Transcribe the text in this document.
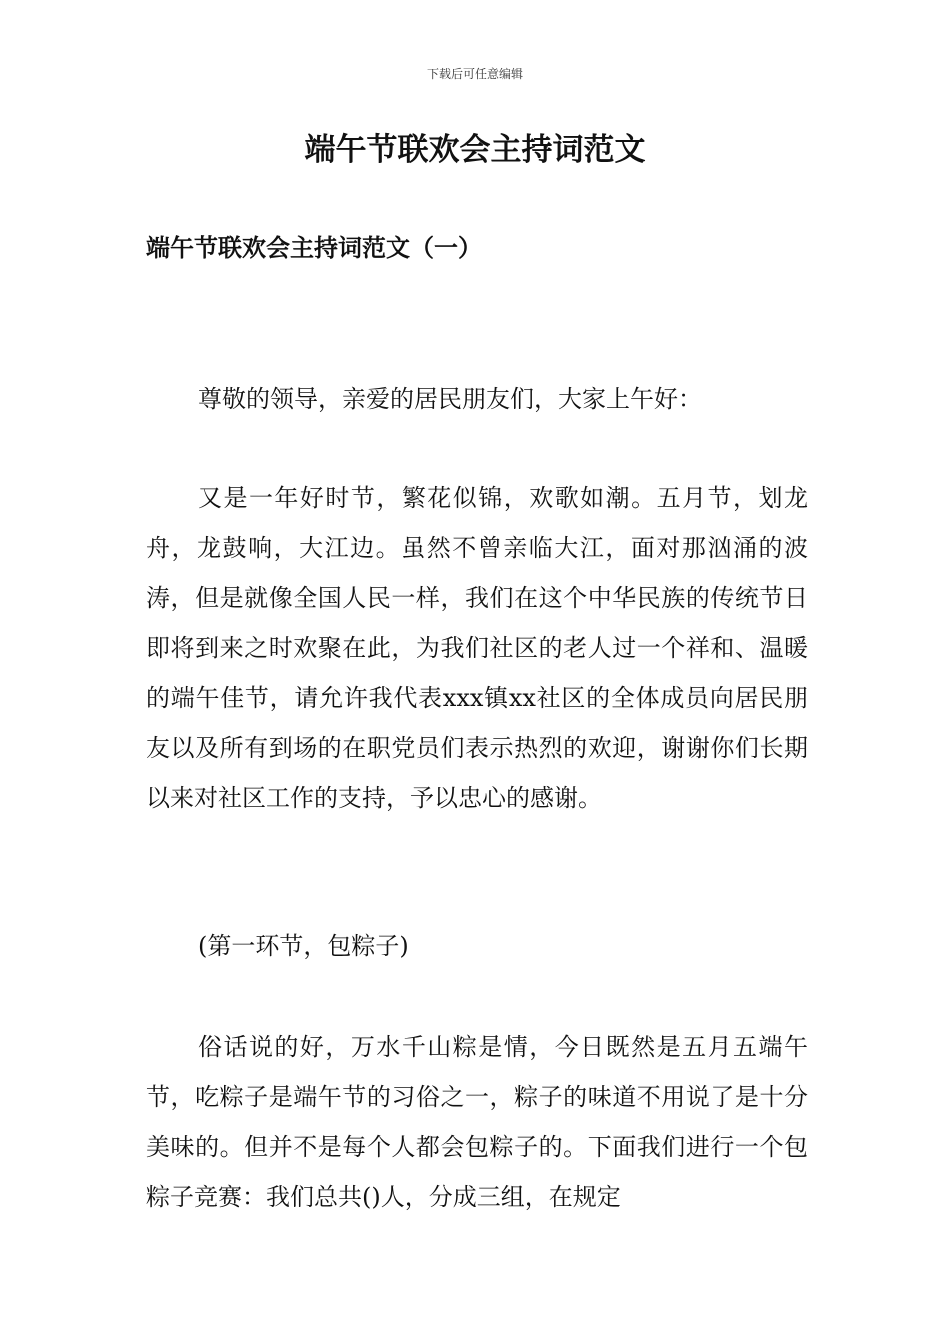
下载后可任意编辑
端午节联欢会主持词范文
端午节联欢会主持词范文（一）

尊敬的领导，亲爱的居民朋友们，大家上午好：

又是一年好时节，繁花似锦，欢歌如潮。五月节，划龙舟，龙鼓响，大江边。虽然不曾亲临大江，面对那汹涌的波涛，但是就像全国人民一样，我们在这个中华民族的传统节日即将到来之时欢聚在此，为我们社区的老人过一个祥和、温暖的端午佳节，请允许我代表xxx镇xx社区的全体成员向居民朋友以及所有到场的在职党员们表示热烈的欢迎，谢谢你们长期以来对社区工作的支持，予以忠心的感谢。

(第一环节，包粽子)

俗话说的好，万水千山粽是情，今日既然是五月五端午节，吃粽子是端午节的习俗之一，粽子的味道不用说了是十分美味的。但并不是每个人都会包粽子的。下面我们进行一个包粽子竞赛：我们总共()人，分成三组，在规定
